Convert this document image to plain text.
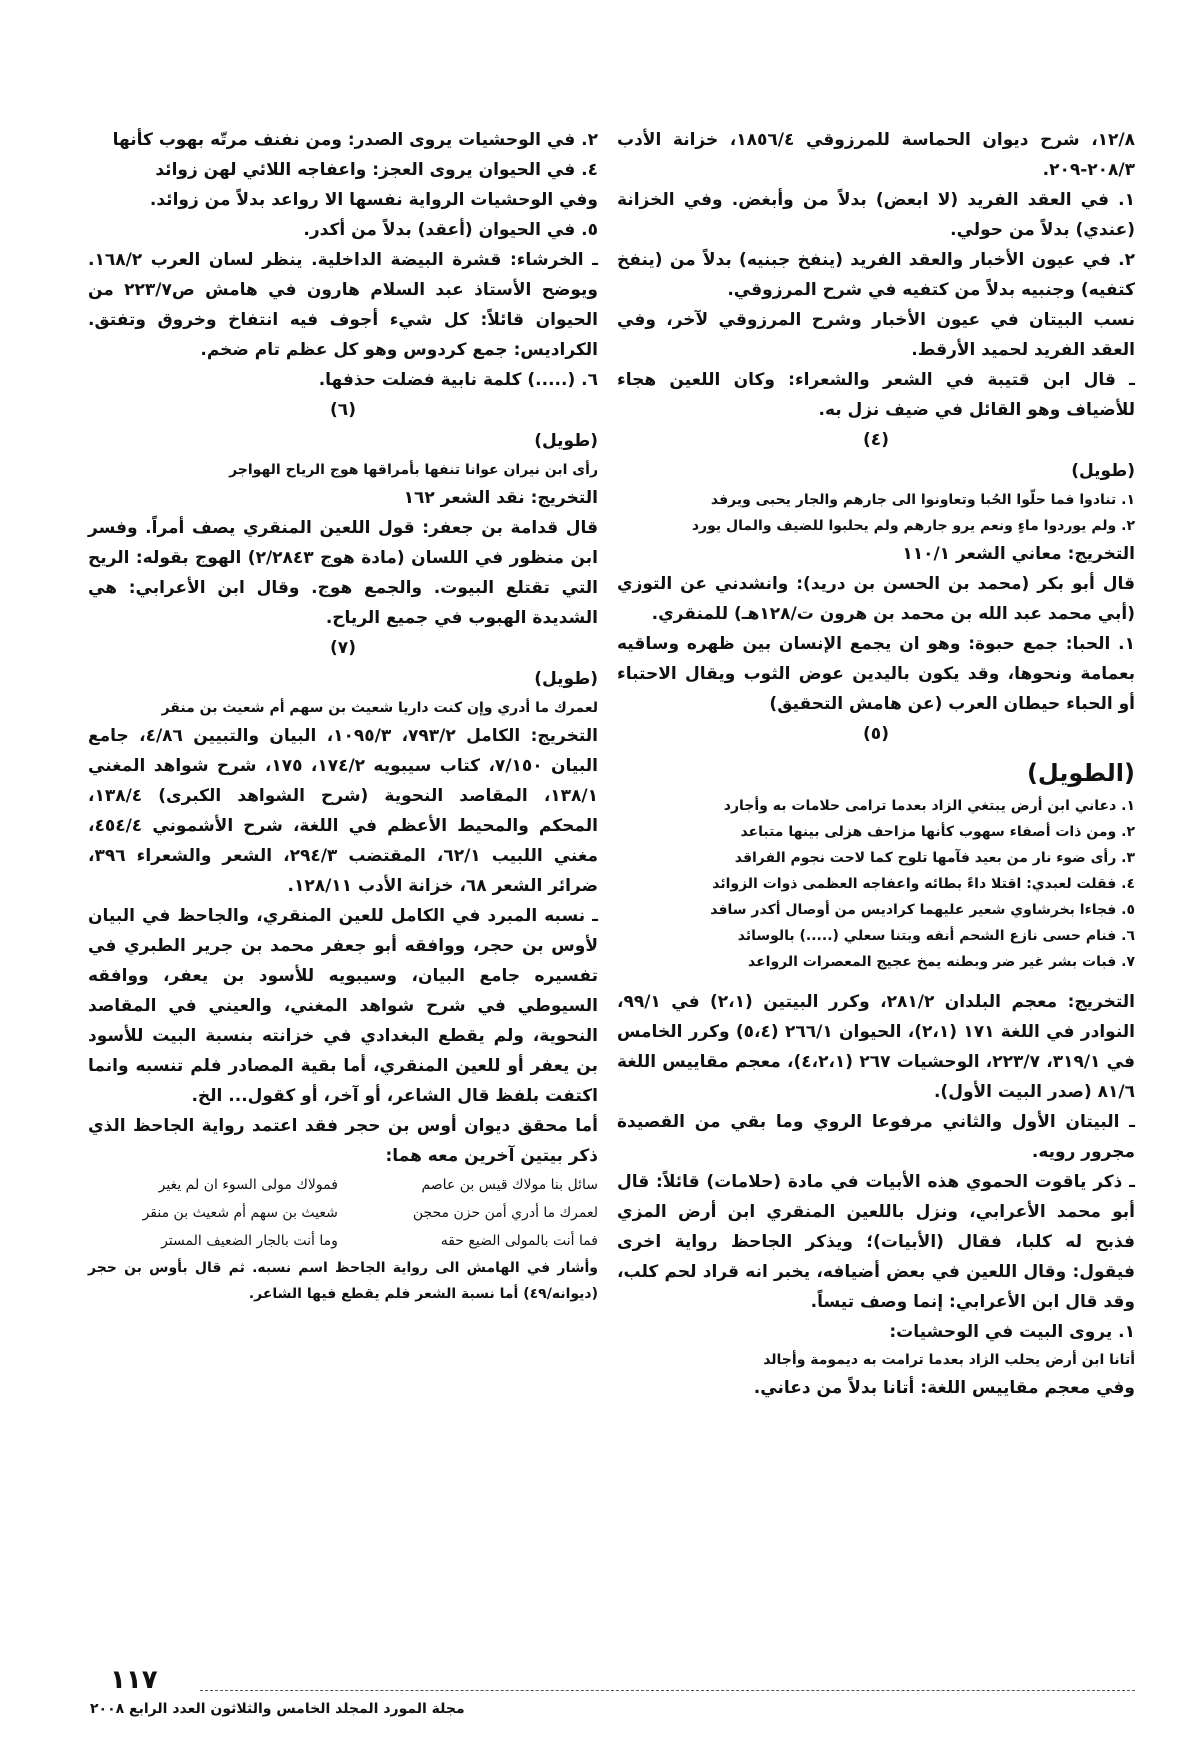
١٢/٨، شرح ديوان الحماسة للمرزوقي ١٨٥٦/٤، خزانة الأدب ٢٠٨/٣-٢٠٩.

١. في العقد الفريد (لا ابعض) بدلاً من وأبغض. وفي الخزانة (عندي) بدلاً من حولي.

٢. في عيون الأخبار والعقد الفريد (ينفخ جبنيه) بدلاً من (ينفخ كتفيه) وجنبيه بدلاً من كتفيه في شرح المرزوقي.

نسب البيتان في عيون الأخبار وشرح المرزوقي لآخر، وفي العقد الفريد لحميد الأرقط.

ـ قال ابن قتيبة في الشعر والشعراء: وكان اللعين هجاء للأضياف وهو القائل في ضيف نزل به.

(٤)

(طويل)

١. تنادوا فما حلّوا الحُبا وتعاونوا الى جارهم والجار يحبى ويرفد

٢. ولم يوردوا ماءٍ ونعم يرو جارهم ولم يحلبوا للضيف والمال يورد

التخريج: معاني الشعر ١١٠/١

قال أبو بكر (محمد بن الحسن بن دريد): وانشدني عن التوزي (أبي محمد عبد الله بن محمد بن هرون ت/١٢٨هـ) للمنقري.

١. الحبا: جمع حبوة: وهو ان يجمع الإنسان بين ظهره وساقيه بعمامة ونحوها، وقد يكون باليدين عوض الثوب ويقال الاحتباء أو الحباء حيطان العرب (عن هامش التحقيق)

(٥)

(الطويل)

١. دعاني ابن أرض يبتغي الزاد بعدما ترامى حلامات به وأجارد

٢. ومن ذات أصفاء سهوب كأنها مزاحف هزلى بينها متباعد

٣. رأى ضوء نار من بعيد فآمها تلوح كما لاحت نجوم الفراقد

٤. فقلت لعبدي: اقتلا داءً بطائه واعفاجه العظمى ذوات الزوائد

٥. فجاءا بخرشاوي شعير عليهما كراديس من أوصال أكدر سافد

٦. فنام حسى نازع الشحم أنفه وبتنا سعلي (.....) بالوسائد

٧. فبات بشر غير ضر وبطنه يمخ عجيج المعصرات الرواعد

التخريج: معجم البلدان ٢٨١/٢، وكرر البيتين (٢،١) في ٩٩/١، النوادر في اللغة ١٧١ (٢،١)، الحيوان ٢٦٦/١ (٥،٤) وكرر الخامس في ٣١٩/١، ٢٢٣/٧، الوحشيات ٢٦٧ (٤،٢،١)، معجم مقاييس اللغة ٨١/٦ (صدر البيت الأول).

ـ البيتان الأول والثاني مرفوعا الروي وما بقي من القصيدة مجرور رويه.

ـ ذكر ياقوت الحموي هذه الأبيات في مادة (حلامات) قائلاً: قال أبو محمد الأعرابي، ونزل باللعين المنقري ابن أرض المزي فذبح له كلبا، فقال (الأبيات)؛ ويذكر الجاحظ رواية اخرى فيقول: وقال اللعين في بعض أضيافه، يخبر انه قراد لحم كلب، وقد قال ابن الأعرابي: إنما وصف تيساً.

١. يروى البيت في الوحشيات:

أتانا ابن أرض يحلب الزاد بعدما ترامت به ديمومة وأجالد

وفي معجم مقاييس اللغة: أتانا بدلاً من دعاني.

٢. في الوحشيات يروى الصدر: ومن نفنف مرتّه بهوب كأنها

٤. في الحيوان يروى العجز: واعفاجه اللائي لهن زوائد

وفي الوحشيات الرواية نفسها الا رواعد بدلاً من زوائد.

٥. في الحيوان (أعقد) بدلاً من أكدر.

ـ الخرشاء: قشرة البيضة الداخلية. ينظر لسان العرب ١٦٨/٢. ويوضح الأستاذ عبد السلام هارون في هامش ص٢٢٣/٧ من الحيوان قائلاً: كل شيء أجوف فيه انتفاخ وخروق وتفتق. الكراديس: جمع كردوس وهو كل عظم تام ضخم.

٦. (.....) كلمة نابية فضلت حذفها.

(٦)

(طويل)

رأى ابن نيران عوانا تنفها بأمراقها هوج الرياح الهواجر

التخريج: نقد الشعر ١٦٢

قال قدامة بن جعفر: قول اللعين المنقري يصف أمراً. وفسر ابن منظور في اللسان (مادة هوج ٢/٢٨٤٣) الهوج بقوله: الريح التي تقتلع البيوت. والجمع هوج. وقال ابن الأعرابي: هي الشديدة الهبوب في جميع الرياح.

(٧)

(طويل)

لعمرك ما أدري وإن كنت داريا شعيث بن سهم أم شعيث بن منقر

التخريج: الكامل ٧٩٣/٢، ١٠٩٥/٣، البيان والتبيين ٤/٨٦، جامع البيان ٧/١٥٠، كتاب سيبويه ١٧٤/٢، ١٧٥، شرح شواهد المغني ١٣٨/١، المقاصد النحوية (شرح الشواهد الكبرى) ١٣٨/٤، المحكم والمحيط الأعظم في اللغة، شرح الأشموني ٤٥٤/٤، مغني اللبيب ٦٢/١، المقتضب ٢٩٤/٣، الشعر والشعراء ٣٩٦، ضرائر الشعر ٦٨، خزانة الأدب ١٢٨/١١.

ـ نسبه المبرد في الكامل للعين المنقري، والجاحظ في البيان لأوس بن حجر، ووافقه أبو جعفر محمد بن جرير الطبري في تفسيره جامع البيان، وسيبويه للأسود بن يعفر، ووافقه السيوطي في شرح شواهد المغني، والعيني في المقاصد النحوية، ولم يقطع البغدادي في خزانته بنسبة البيت للأسود بن يعفر أو للعين المنقري، أما بقية المصادر فلم تنسبه وانما اكتفت بلفظ قال الشاعر، أو آخر، أو كقول... الخ.

أما محقق ديوان أوس بن حجر فقد اعتمد رواية الجاحظ الذي ذكر بيتين آخرين معه هما:

سائل بنا مولاك قيس بن عاصم
فمولاك مولى السوء ان لم يغير
لعمرك ما أدري أمن حزن محجن
شعيث بن سهم أم شعيث بن منقر
فما أنت بالمولى الضيع حقه
وما أنت بالجار الضعيف المستر

وأشار في الهامش الى رواية الجاحظ اسم نسبه. ثم قال بأوس بن حجر (ديوانه/٤٩) أما نسبة الشعر فلم يقطع فيها الشاعر.

١١٧
مجلة المورد المجلد الخامس والثلاثون العدد الرابع ٢٠٠٨
